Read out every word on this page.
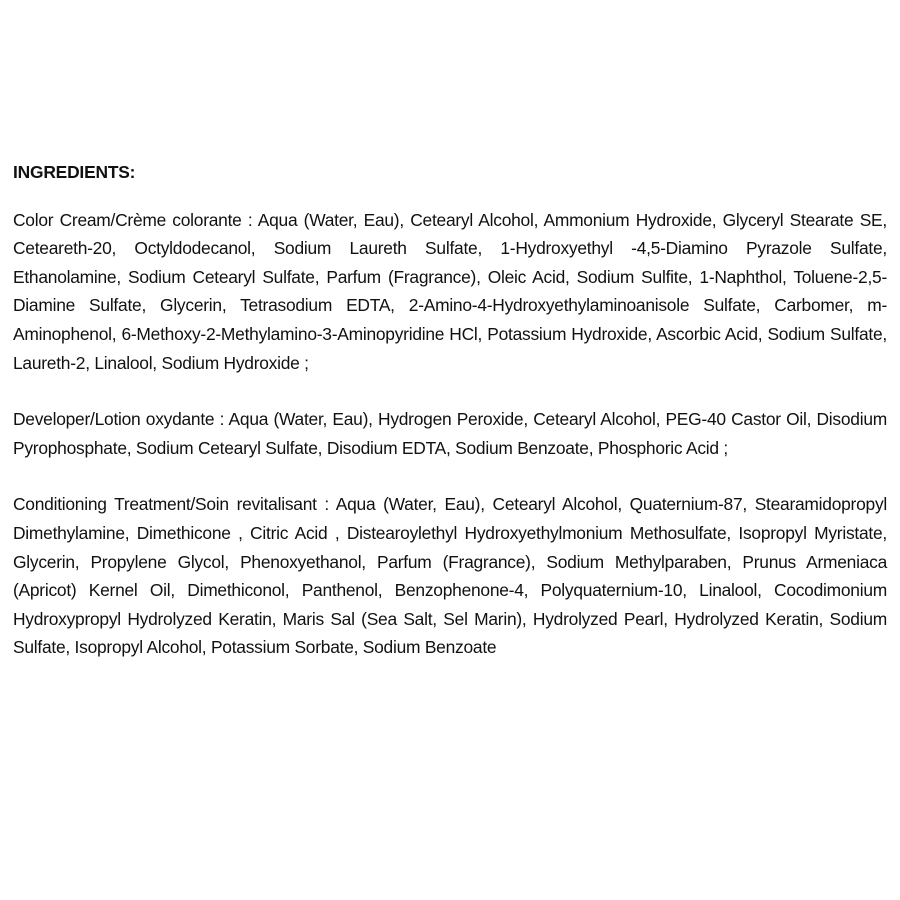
INGREDIENTS:

Color Cream/Crème colorante : Aqua (Water, Eau), Cetearyl Alcohol, Ammonium Hydroxide, Glyceryl Stearate SE, Ceteareth-20, Octyldodecanol, Sodium Laureth Sulfate, 1-Hydroxyethyl -4,5-Diamino Pyrazole Sulfate, Ethanolamine, Sodium Cetearyl Sulfate, Parfum (Fragrance), Oleic Acid, Sodium Sulfite, 1-Naphthol, Toluene-2,5-Diamine Sulfate, Glycerin, Tetrasodium EDTA, 2-Amino-4-Hydroxyethylaminoanisole Sulfate, Carbomer, m-Aminophenol, 6-Methoxy-2-Methylamino-3-Aminopyridine HCl, Potassium Hydroxide, Ascorbic Acid, Sodium Sulfate, Laureth-2, Linalool, Sodium Hydroxide ;

Developer/Lotion oxydante : Aqua (Water, Eau), Hydrogen Peroxide, Cetearyl Alcohol, PEG-40 Castor Oil, Disodium Pyrophosphate, Sodium Cetearyl Sulfate, Disodium EDTA, Sodium Benzoate, Phosphoric Acid ;

Conditioning Treatment/Soin revitalisant : Aqua (Water, Eau), Cetearyl Alcohol, Quaternium-87, Stearamidopropyl Dimethylamine, Dimethicone , Citric Acid , Distearoylethyl Hydroxyethylmonium Methosulfate, Isopropyl Myristate, Glycerin, Propylene Glycol, Phenoxyethanol, Parfum (Fragrance), Sodium Methylparaben, Prunus Armeniaca (Apricot) Kernel Oil, Dimethiconol, Panthenol, Benzophenone-4, Polyquaternium-10, Linalool, Cocodimonium Hydroxypropyl Hydrolyzed Keratin, Maris Sal (Sea Salt, Sel Marin), Hydrolyzed Pearl, Hydrolyzed Keratin, Sodium Sulfate, Isopropyl Alcohol, Potassium Sorbate, Sodium Benzoate
